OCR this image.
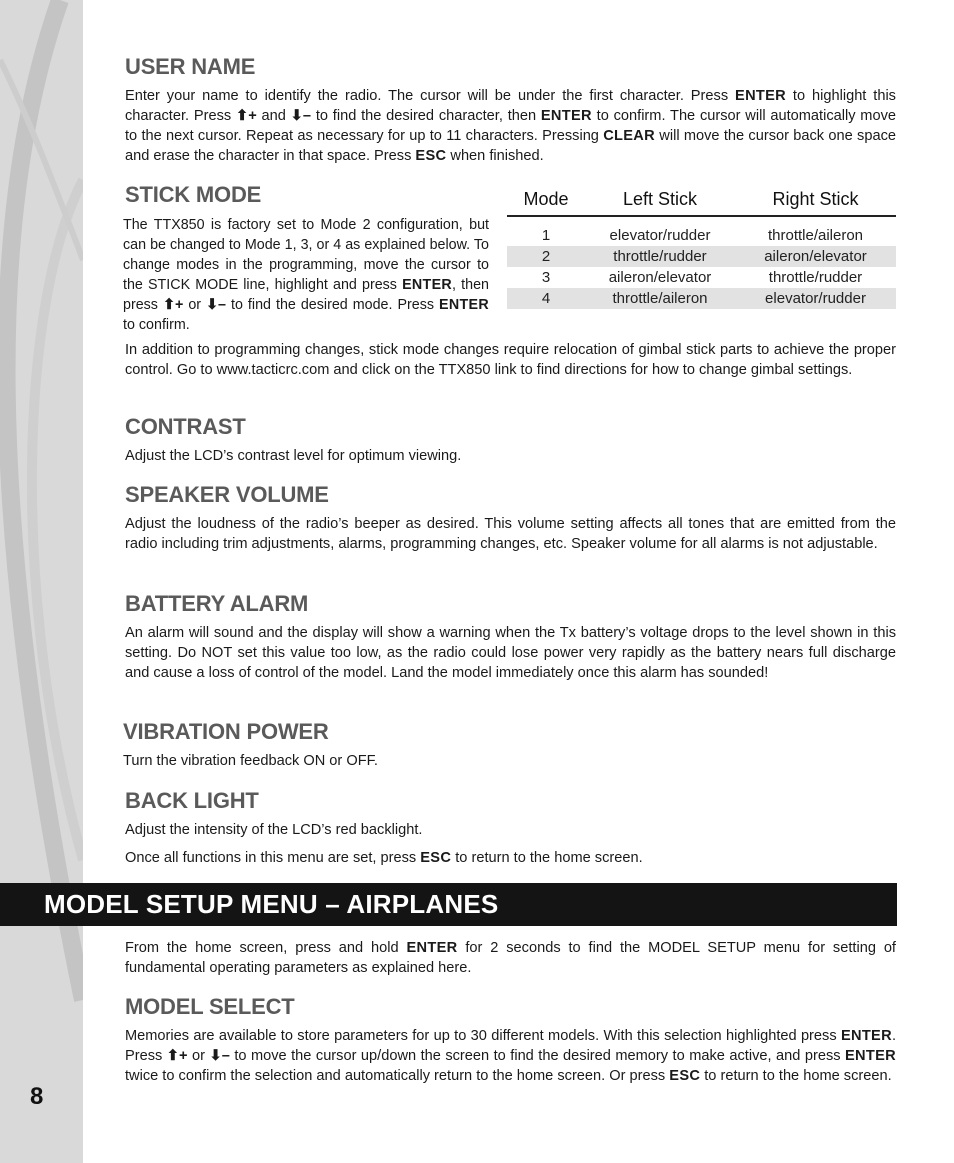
8
USER NAME

Enter your name to identify the radio. The cursor will be under the first character. Press ENTER to highlight this character. Press ⬆+ and ⬇– to find the desired character, then ENTER to confirm. The cursor will automatically move to the next cursor. Repeat as necessary for up to 11 characters. Pressing CLEAR will move the cursor back one space and erase the character in that space. Press ESC when finished.

STICK MODE

The TTX850 is factory set to Mode 2 configuration, but can be changed to Mode 1, 3, or 4 as explained below. To change modes in the programming, move the cursor to the STICK MODE line, highlight and press ENTER, then press ⬆+ or ⬇– to find the desired mode. Press ENTER to confirm.

Mode	Left Stick	Right Stick

1	elevator/rudder	throttle/aileron
2	throttle/rudder	aileron/elevator
3	aileron/elevator	throttle/rudder
4	throttle/aileron	elevator/rudder

In addition to programming changes, stick mode changes require relocation of gimbal stick parts to achieve the proper control. Go to www.tacticrc.com and click on the TTX850 link to find directions for how to change gimbal settings.

CONTRAST

Adjust the LCD’s contrast level for optimum viewing.

SPEAKER VOLUME

Adjust the loudness of the radio’s beeper as desired. This volume setting affects all tones that are emitted from the radio including trim adjustments, alarms, programming changes, etc. Speaker volume for all alarms is not adjustable.

BATTERY ALARM

An alarm will sound and the display will show a warning when the Tx battery’s voltage drops to the level shown in this setting. Do NOT set this value too low, as the radio could lose power very rapidly as the battery nears full discharge and cause a loss of control of the model. Land the model immediately once this alarm has sounded!

VIBRATION POWER

Turn the vibration feedback ON or OFF.

BACK LIGHT

Adjust the intensity of the LCD’s red backlight.

Once all functions in this menu are set, press ESC to return to the home screen.

MODEL SETUP MENU – AIRPLANES

From the home screen, press and hold ENTER for 2 seconds to find the MODEL SETUP menu for setting of fundamental operating parameters as explained here.

MODEL SELECT

Memories are available to store parameters for up to 30 different models. With this selection highlighted press ENTER. Press ⬆+ or ⬇– to move the cursor up/down the screen to find the desired memory to make active, and press ENTER twice to confirm the selection and automatically return to the home screen. Or press ESC to return to the home screen.
